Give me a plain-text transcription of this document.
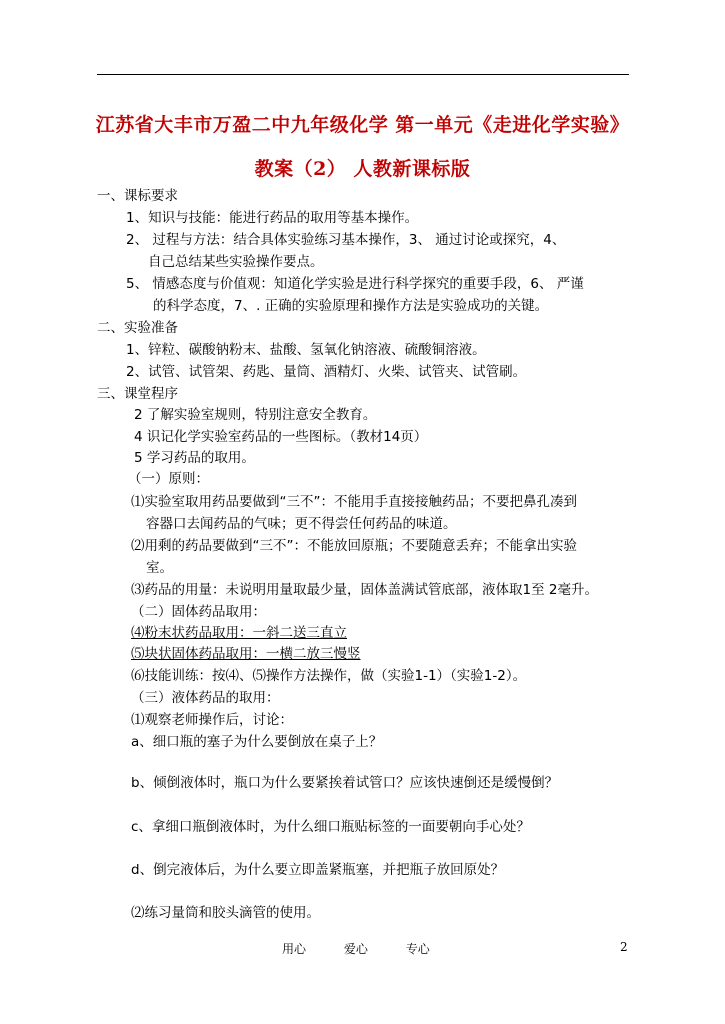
江苏省大丰市万盈二中九年级化学 第一单元《走进化学实验》
教案（2） 人教新课标版
一、课标要求
1、知识与技能：能进行药品的取用等基本操作。
2、 过程与方法：结合具体实验练习基本操作，3、 通过讨论或探究，4、
自己总结某些实验操作要点。
5、 情感态度与价值观：知道化学实验是进行科学探究的重要手段，6、 严谨
的科学态度，7、. 正确的实验原理和操作方法是实验成功的关键。
二、实验准备
1、锌粒、碳酸钠粉末、盐酸、氢氧化钠溶液、硫酸铜溶液。
2、试管、试管架、药匙、量筒、酒精灯、火柴、试管夹、试管刷。
三、课堂程序
2 了解实验室规则，特别注意安全教育。
4 识记化学实验室药品的一些图标。（教材14页）
5 学习药品的取用。
（一）原则：
⑴实验室取用药品要做到“三不”：不能用手直接接触药品；不要把鼻孔凑到
容器口去闻药品的气味；更不得尝任何药品的味道。
⑵用剩的药品要做到“三不”：不能放回原瓶；不要随意丢弃；不能拿出实验
室。
⑶药品的用量：未说明用量取最少量，固体盖满试管底部，液体取1至 2毫升。
（二）固体药品取用：
⑷粉末状药品取用：一斜二送三直立
⑸块状固体药品取用：一横二放三慢竖
⑹技能训练：按⑷、⑸操作方法操作，做（实验1-1）（实验1-2）。
（三）液体药品的取用：
⑴观察老师操作后，讨论：
a、细口瓶的塞子为什么要倒放在桌子上？
b、倾倒液体时，瓶口为什么要紧挨着试管口？应该快速倒还是缓慢倒？
c、拿细口瓶倒液体时，为什么细口瓶贴标签的一面要朝向手心处？
d、倒完液体后，为什么要立即盖紧瓶塞，并把瓶子放回原处？
⑵练习量筒和胶头滴管的使用。
用心	爱心	专心	2
